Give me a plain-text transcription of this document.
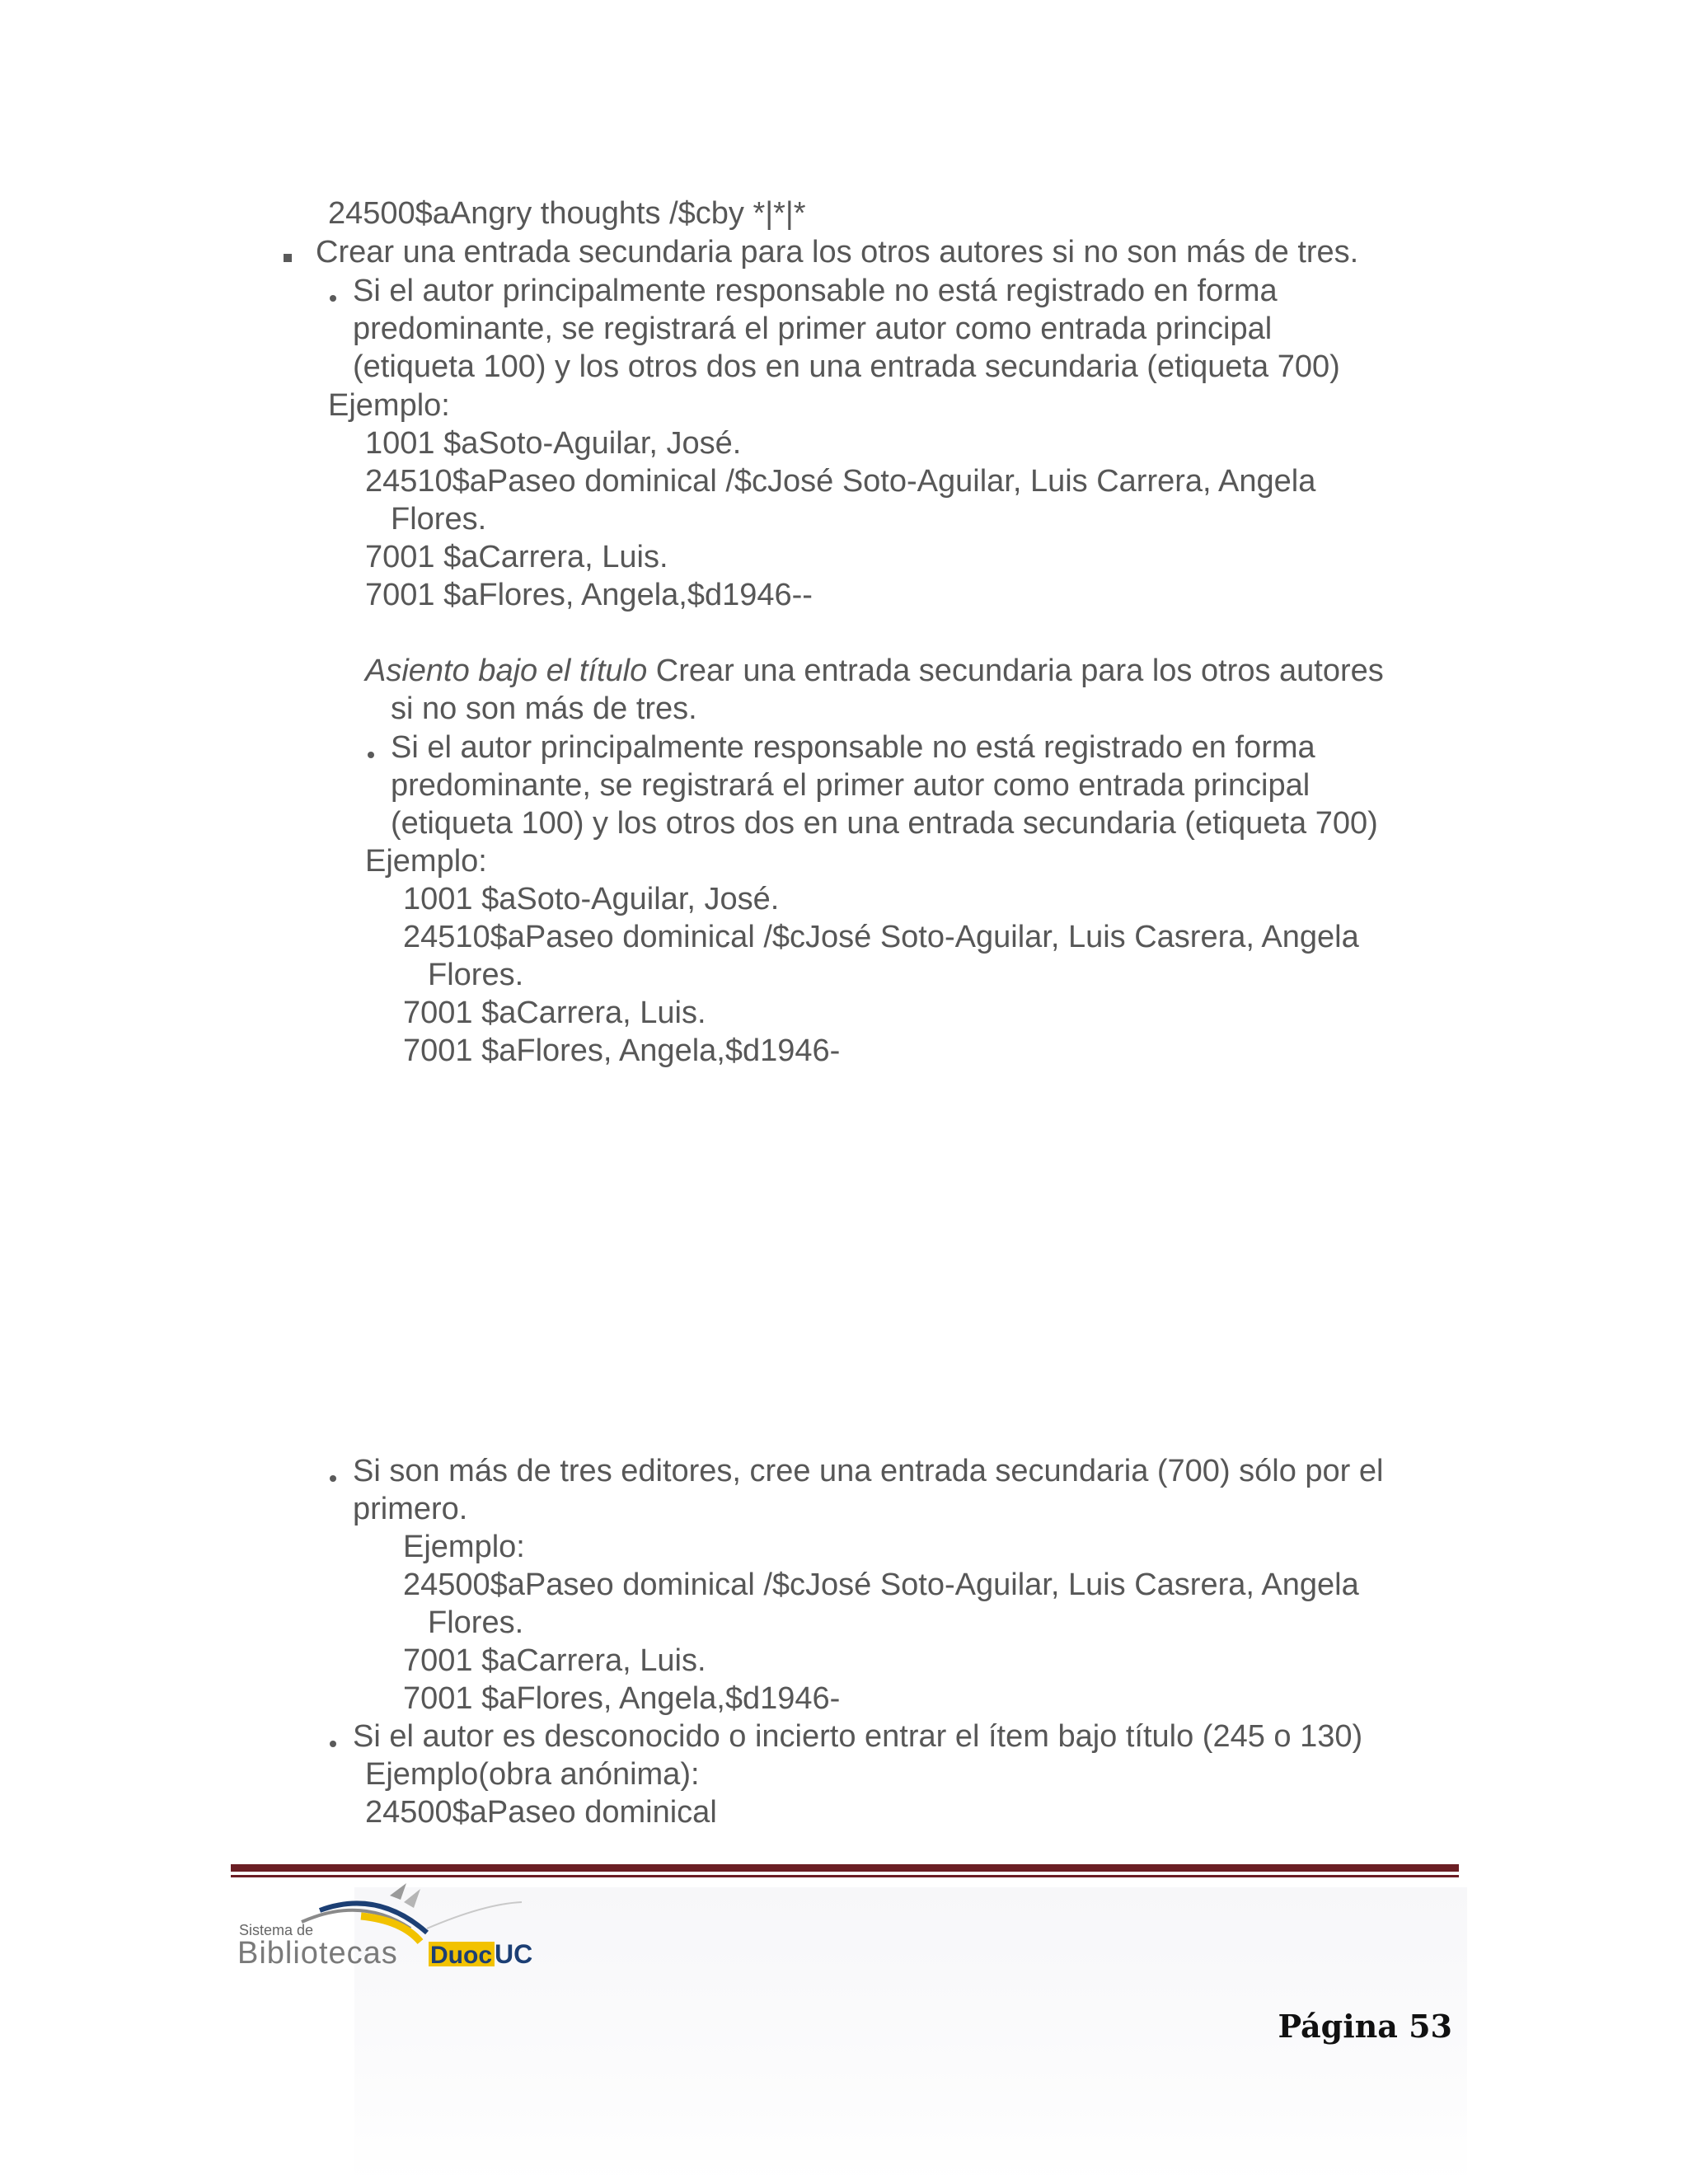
24500$aAngry thoughts /$cby *|*|*
Crear una entrada secundaria para los otros autores si no son más de tres.
Si el autor principalmente responsable no está registrado en forma
predominante, se registrará el primer autor como entrada principal
(etiqueta 100) y los otros dos en una entrada secundaria (etiqueta 700)
Ejemplo:
1001 $aSoto-Aguilar, José.
24510$aPaseo dominical /$cJosé Soto-Aguilar, Luis Carrera, Angela
Flores.
7001 $aCarrera, Luis.
7001 $aFlores, Angela,$d1946--
Asiento bajo el título Crear una entrada secundaria para los otros autores
si no son más de tres.
Si el autor principalmente responsable no está registrado en forma
predominante, se registrará el primer autor como entrada principal
(etiqueta 100) y los otros dos en una entrada secundaria (etiqueta 700)
Ejemplo:
1001 $aSoto-Aguilar, José.
24510$aPaseo dominical /$cJosé Soto-Aguilar, Luis Casrera, Angela
Flores.
7001 $aCarrera, Luis.
7001 $aFlores, Angela,$d1946-
Si son más de tres editores, cree una entrada secundaria (700) sólo por el
primero.
Ejemplo:
24500$aPaseo dominical /$cJosé Soto-Aguilar, Luis Casrera, Angela
Flores.
7001 $aCarrera, Luis.
7001 $aFlores, Angela,$d1946-
Si el autor es desconocido o incierto entrar el ítem bajo título (245 o 130)
Ejemplo(obra anónima):
24500$aPaseo dominical
Sistema de
Bibliotecas Duoc UC
Página 53
